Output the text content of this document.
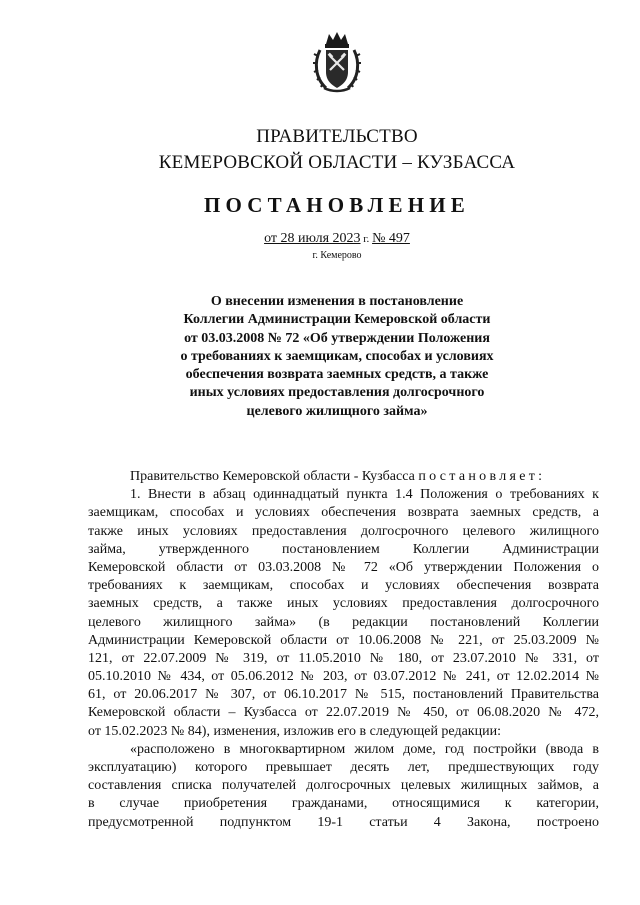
ПРАВИТЕЛЬСТВО
КЕМЕРОВСКОЙ ОБЛАСТИ – КУЗБАССА
ПОСТАНОВЛЕНИЕ
от 28 июля 2023 г. № 497
г. Кемерово
О внесении изменения в постановление
Коллегии Администрации Кемеровской области
от 03.03.2008 № 72 «Об утверждении Положения
о требованиях к заемщикам, способах и условиях
обеспечения возврата заемных средств, а также
иных условиях предоставления долгосрочного
целевого жилищного займа»
Правительство Кемеровской области - Кузбасса постановляет:
1. Внести в абзац одиннадцатый пункта 1.4 Положения о требованиях к
заемщикам, способах и условиях обеспечения возврата заемных средств, а
также иных условиях предоставления долгосрочного целевого жилищного
займа, утвержденного постановлением Коллегии Администрации
Кемеровской области от 03.03.2008 № 72 «Об утверждении Положения о
требованиях к заемщикам, способах и условиях обеспечения возврата
заемных средств, а также иных условиях предоставления долгосрочного
целевого жилищного займа» (в редакции постановлений Коллегии
Администрации Кемеровской области от 10.06.2008 № 221, от 25.03.2009 №
121, от 22.07.2009 № 319, от 11.05.2010 № 180, от 23.07.2010 № 331, от
05.10.2010 № 434, от 05.06.2012 № 203, от 03.07.2012 № 241, от 12.02.2014 №
61, от 20.06.2017 № 307, от 06.10.2017 № 515, постановлений Правительства
Кемеровской области – Кузбасса от 22.07.2019 № 450, от 06.08.2020 № 472,
от 15.02.2023 № 84), изменения, изложив его в следующей редакции:
«расположено в многоквартирном жилом доме, год постройки (ввода в
эксплуатацию) которого превышает десять лет, предшествующих году
составления списка получателей долгосрочных целевых жилищных займов, а
в случае приобретения гражданами, относящимися к категории,
предусмотренной подпунктом 19-1 статьи 4 Закона, построено
